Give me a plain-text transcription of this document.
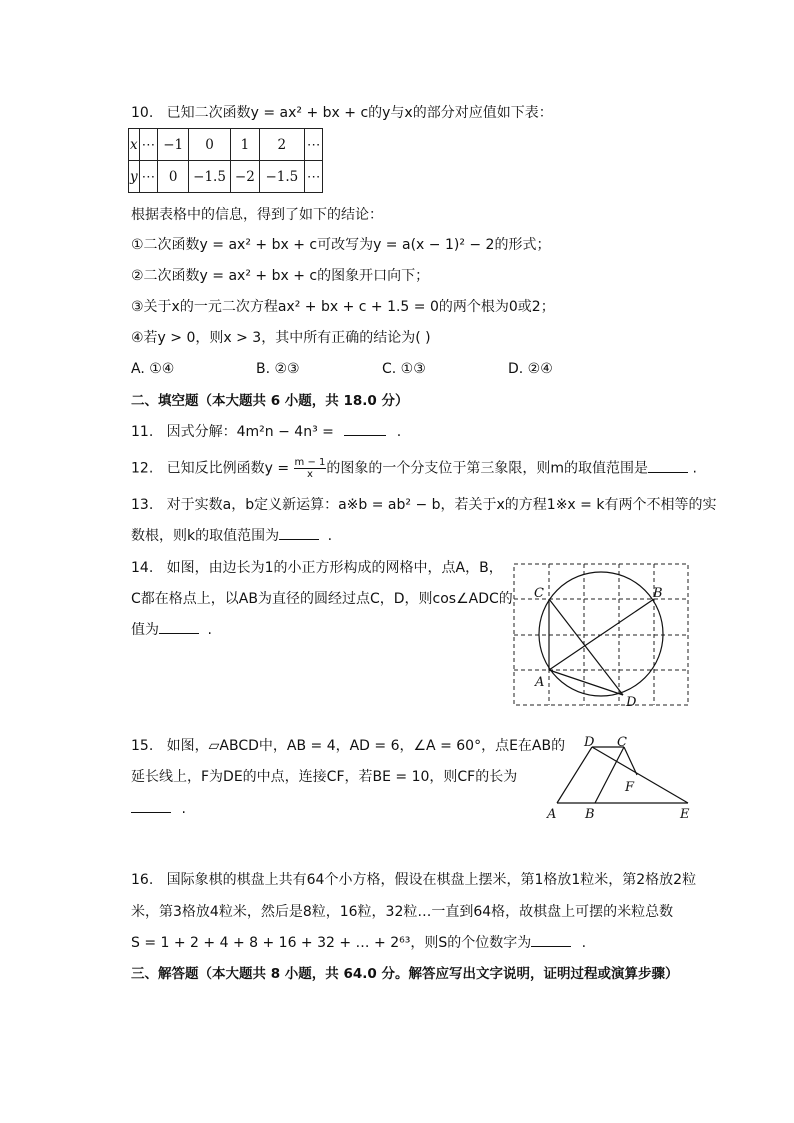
10. 已知二次函数y = ax² + bx + c的y与x的部分对应值如下表：
x	⋯	−1	0	1	2	⋯
y	⋯	0	−1.5	−2	−1.5	⋯
根据表格中的信息，得到了如下的结论：
①二次函数y = ax² + bx + c可改写为y = a(x − 1)² − 2的形式；
②二次函数y = ax² + bx + c的图象开口向下；
③关于x的一元二次方程ax² + bx + c + 1.5 = 0的两个根为0或2；
④若y > 0，则x > 3，其中所有正确的结论为( )
A. ①④	B. ②③	C. ①③	D. ②④
二、填空题（本大题共 6 小题，共 18.0 分）
11. 因式分解：4m²n − 4n³ =	.
12. 已知反比例函数$y = \frac{m - 1}{x}$ 的图象的一个分支位于第三象限，则m的取值范围是	.
13. 对于实数a，b定义新运算：a※b = ab² − b，若关于x的方程1※x = k有两个不相等的实
数根，则k的取值范围为	.
14. 如图，由边长为1的小正方形构成的网格中，点A，B，
C都在格点上，以AB为直径的圆经过点C，D，则cos∠ADC的
值为	.
C	B
A
D
15. 如图，▱ABCD中，AB = 4，AD = 6，∠A = 60°，点E在AB的
延长线上，F为DE的中点，连接CF，若BE = 10，则CF的长为
.
D C
F
A B	E
16. 国际象棋的棋盘上共有64个小方格，假设在棋盘上摆米，第1格放1粒米，第2格放2粒
米，第3格放4粒米，然后是8粒，16粒，32粒…一直到64格，故棋盘上可摆的米粒总数
S = 1 + 2 + 4 + 8 + 16 + 32 + … + 2⁶³，则S的个位数字为	.
三、解答题（本大题共 8 小题，共 64.0 分。解答应写出文字说明，证明过程或演算步骤）
